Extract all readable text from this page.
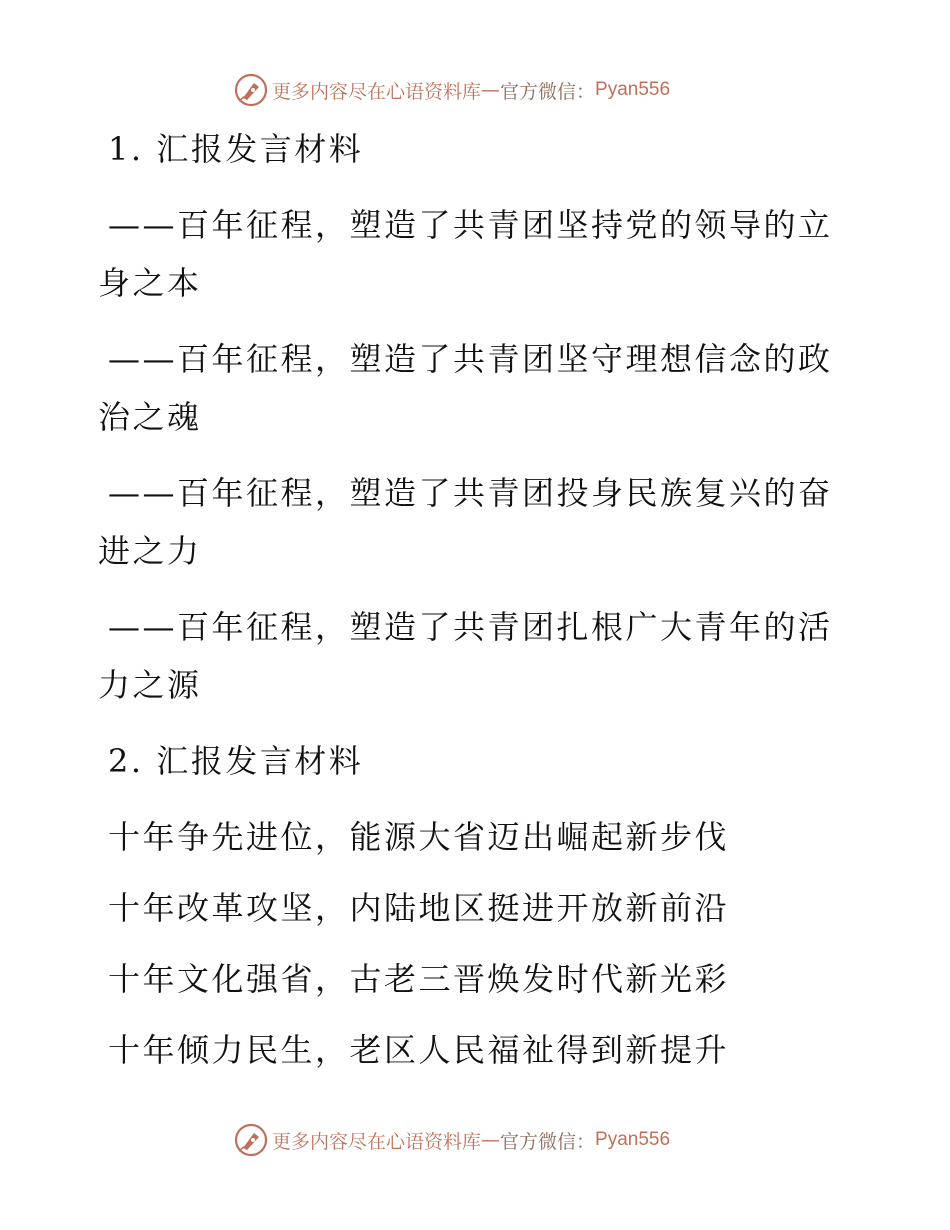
更多内容尽在心语资料库 — 官方微信： Pyan556
1. 汇报发言材料
——百年征程，塑造了共青团坚持党的领导的立
身之本
——百年征程，塑造了共青团坚守理想信念的政
治之魂
——百年征程，塑造了共青团投身民族复兴的奋
进之力
——百年征程，塑造了共青团扎根广大青年的活
力之源
2. 汇报发言材料
十年争先进位，能源大省迈出崛起新步伐
十年改革攻坚，内陆地区挺进开放新前沿
十年文化强省，古老三晋焕发时代新光彩
十年倾力民生，老区人民福祉得到新提升
更多内容尽在心语资料库 — 官方微信： Pyan556
